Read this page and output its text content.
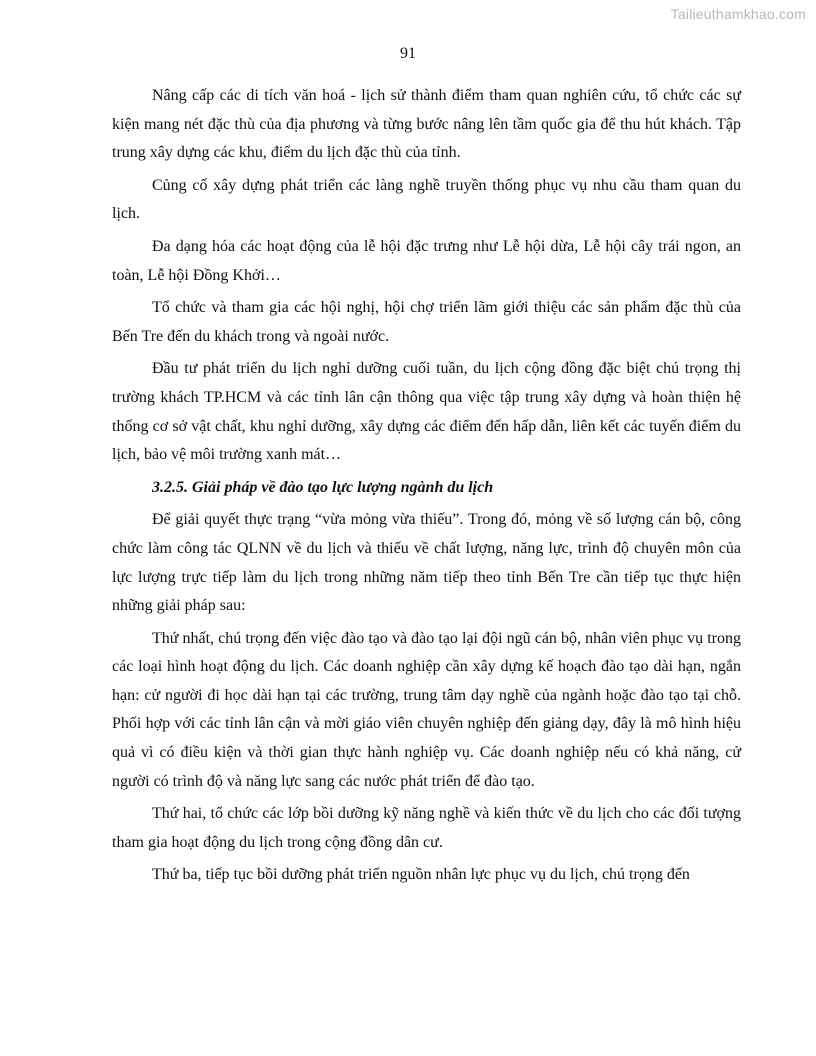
Tailieuthamkhao.com
91

Nâng cấp các di tích văn hoá - lịch sử thành điểm tham quan nghiên cứu, tổ chức các sự kiện mang nét đặc thù của địa phương và từng bước nâng lên tầm quốc gia để thu hút khách. Tập trung xây dựng các khu, điểm du lịch đặc thù của tỉnh.

Củng cố xây dựng phát triển các làng nghề truyền thống phục vụ nhu cầu tham quan du lịch.

Đa dạng hóa các hoạt động của lễ hội đặc trưng như Lễ hội dừa, Lễ hội cây trái ngon, an toàn, Lễ hội Đồng Khởi…

Tổ chức và tham gia các hội nghị, hội chợ triển lãm giới thiệu các sản phẩm đặc thù của Bến Tre đến du khách trong và ngoài nước.

Đầu tư phát triển du lịch nghỉ dưỡng cuối tuần, du lịch cộng đồng đặc biệt chú trọng thị trường khách TP.HCM và các tỉnh lân cận thông qua việc tập trung xây dựng và hoàn thiện hệ thống cơ sở vật chất, khu nghỉ dưỡng, xây dựng các điểm đến hấp dẫn, liên kết các tuyến điểm du lịch, bảo vệ môi trường xanh mát…

3.2.5. Giải pháp về đào tạo lực lượng ngành du lịch

Để giải quyết thực trạng “vừa mỏng vừa thiếu”. Trong đó, mỏng về số lượng cán bộ, công chức làm công tác QLNN về du lịch và thiếu về chất lượng, năng lực, trình độ chuyên môn của lực lượng trực tiếp làm du lịch trong những năm tiếp theo tỉnh Bến Tre cần tiếp tục thực hiện những giải pháp sau:

Thứ nhất, chú trọng đến việc đào tạo và đào tạo lại đội ngũ cán bộ, nhân viên phục vụ trong các loại hình hoạt động du lịch. Các doanh nghiệp cần xây dựng kế hoạch đào tạo dài hạn, ngắn hạn: cử người đi học dài hạn tại các trường, trung tâm dạy nghề của ngành hoặc đào tạo tại chỗ. Phối hợp với các tỉnh lân cận và mời giáo viên chuyên nghiệp đến giảng dạy, đây là mô hình hiệu quả vì có điều kiện và thời gian thực hành nghiệp vụ. Các doanh nghiệp nếu có khả năng, cử người có trình độ và năng lực sang các nước phát triển để đào tạo.

Thứ hai, tổ chức các lớp bồi dưỡng kỹ năng nghề và kiến thức về du lịch cho các đối tượng tham gia hoạt động du lịch trong cộng đồng dân cư.

Thứ ba, tiếp tục bồi dưỡng phát triển nguồn nhân lực phục vụ du lịch, chú trọng đến
